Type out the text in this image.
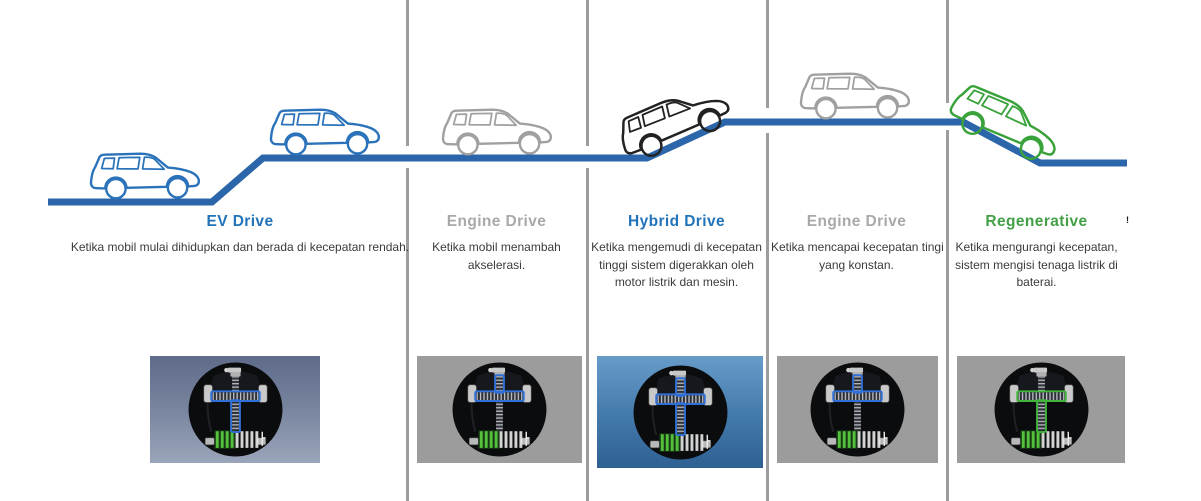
EV Drive
Ketika mobil mulai dihidupkan dan berada di kecepatan rendah.
Engine Drive
Ketika mobil menambah
akselerasi.
Hybrid Drive
Ketika mengemudi di kecepatan
tinggi sistem digerakkan oleh
motor listrik dan mesin.
Engine Drive
Ketika mencapai kecepatan tingi
yang konstan.
Regenerative
Ketika mengurangi kecepatan,
sistem mengisi tenaga listrik di
baterai.
!
